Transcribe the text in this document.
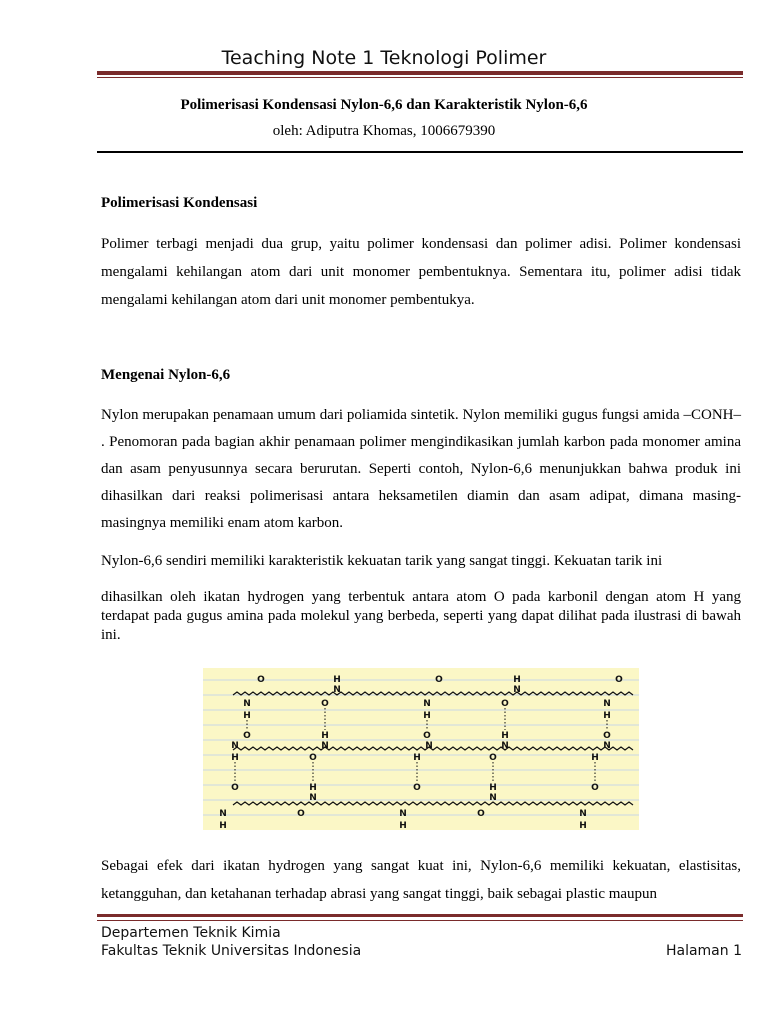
Teaching Note 1 Teknologi Polimer
Polimerisasi Kondensasi Nylon-6,6 dan Karakteristik Nylon-6,6
oleh: Adiputra Khomas, 1006679390
Polimerisasi Kondensasi

Polimer terbagi menjadi dua grup, yaitu polimer kondensasi dan polimer adisi. Polimer kondensasi mengalami kehilangan atom dari unit monomer pembentuknya. Sementara itu, polimer adisi tidak mengalami kehilangan atom dari unit monomer pembentukya.

Mengenai Nylon-6,6

Nylon merupakan penamaan umum dari poliamida sintetik. Nylon memiliki gugus fungsi amida –CONH– . Penomoran pada bagian akhir penamaan polimer mengindikasikan jumlah karbon pada monomer amina dan asam penyusunnya secara berurutan. Seperti contoh, Nylon-6,6 menunjukkan bahwa produk ini dihasilkan dari reaksi polimerisasi antara heksametilen diamin dan asam adipat, dimana masing-masingnya memiliki enam atom karbon.

Nylon-6,6 sendiri memiliki karakteristik kekuatan tarik yang sangat tinggi. Kekuatan tarik ini

dihasilkan oleh ikatan hydrogen yang terbentuk antara atom O pada karbonil dengan atom H yang terdapat pada gugus amina pada molekul yang berbeda, seperti yang dapat dilihat pada ilustrasi di bawah ini.

O
N
H
H
N
O	N
H
O	H
N
O	N
H
O
N
H
O	H
N
O
N
H
O	H
N
O
N
H
O
O
N
H
H
N
O
O
N
H
H
N
O
O
N
H

Sebagai efek dari ikatan hydrogen yang sangat kuat ini, Nylon-6,6 memiliki kekuatan, elastisitas, ketangguhan, dan ketahanan terhadap abrasi yang sangat tinggi, baik sebagai plastic maupun

Departemen Teknik Kimia
Fakultas Teknik Universitas Indonesia	Halaman 1
